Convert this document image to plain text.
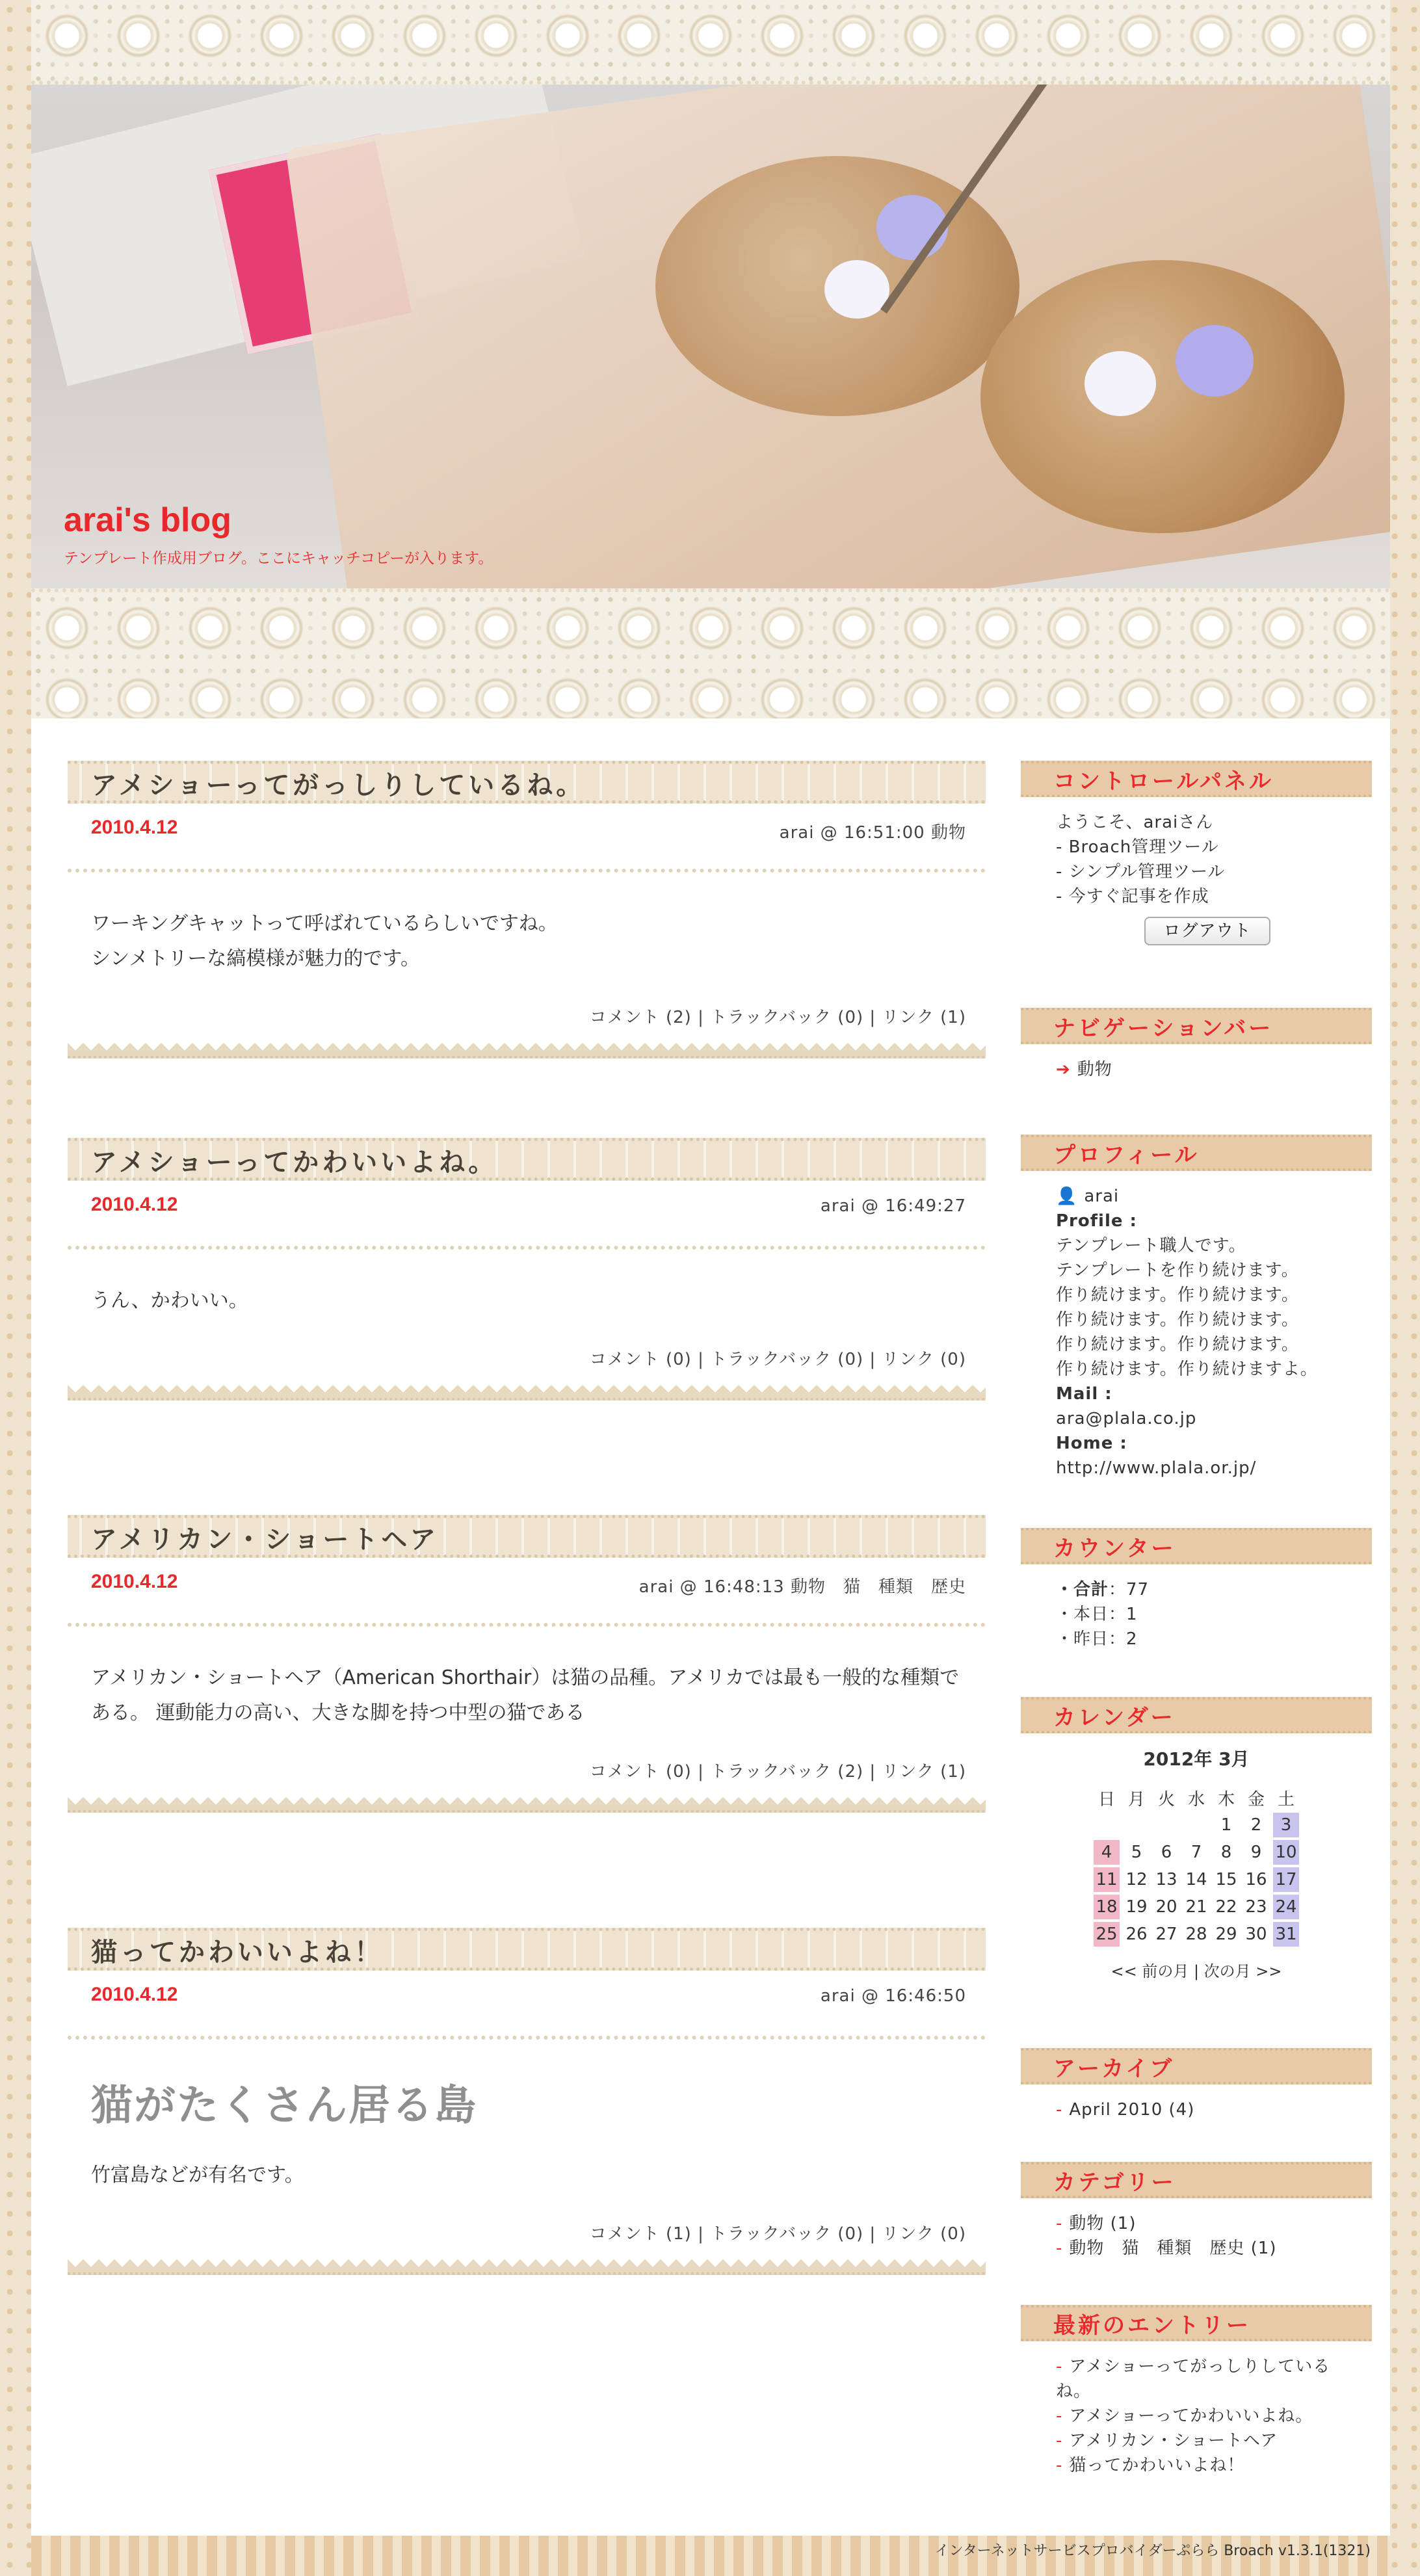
arai's blog
テンプレート作成用ブログ。ここにキャッチコピーが入ります。
アメショーってがっしりしているね。
2010.4.12	arai @ 16:51:00 動物
ワーキングキャットって呼ばれているらしいですね。
シンメトリーな縞模様が魅力的です。
コメント (2) | トラックバック (0) | リンク (1)
アメショーってかわいいよね。
2010.4.12	arai @ 16:49:27
うん、かわいい。
コメント (0) | トラックバック (0) | リンク (0)
アメリカン・ショートヘア
2010.4.12	arai @ 16:48:13 動物　猫　種類　歴史
アメリカン・ショートヘア（American Shorthair）は猫の品種。アメリカでは最も一般的な種類である。 運動能力の高い、大きな脚を持つ中型の猫である
コメント (0) | トラックバック (2) | リンク (1)
猫ってかわいいよね！
2010.4.12	arai @ 16:46:50
猫がたくさん居る島
竹富島などが有名です。
コメント (1) | トラックバック (0) | リンク (0)
コントロールパネル
ようこそ、araiさん
- Broach管理ツール
- シンプル管理ツール
- 今すぐ記事を作成
ログアウト
ナビゲーションバー
➔ 動物
プロフィール
👤 arai
Profile :
テンプレート職人です。
テンプレートを作り続けます。
作り続けます。作り続けます。
作り続けます。作り続けます。
作り続けます。作り続けます。
作り続けます。作り続けますよ。
Mail :
ara@plala.co.jp
Home :
http://www.plala.or.jp/
カウンター
・合計：77
・本日：1
・昨日：2
カレンダー
2012年 3月
日	月	火	水	木	金	土
				1	2	3
4	5	6	7	8	9	10
11	12	13	14	15	16	17
18	19	20	21	22	23	24
25	26	27	28	29	30	31
<< 前の月 | 次の月 >>
アーカイブ
- April 2010 (4)
カテゴリー
- 動物 (1)
- 動物　猫　種類　歴史 (1)
最新のエントリー
- アメショーってがっしりしているね。
- アメショーってかわいいよね。
- アメリカン・ショートヘア
- 猫ってかわいいよね！
インターネットサービスプロバイダーぷらら Broach v1.3.1(1321)
